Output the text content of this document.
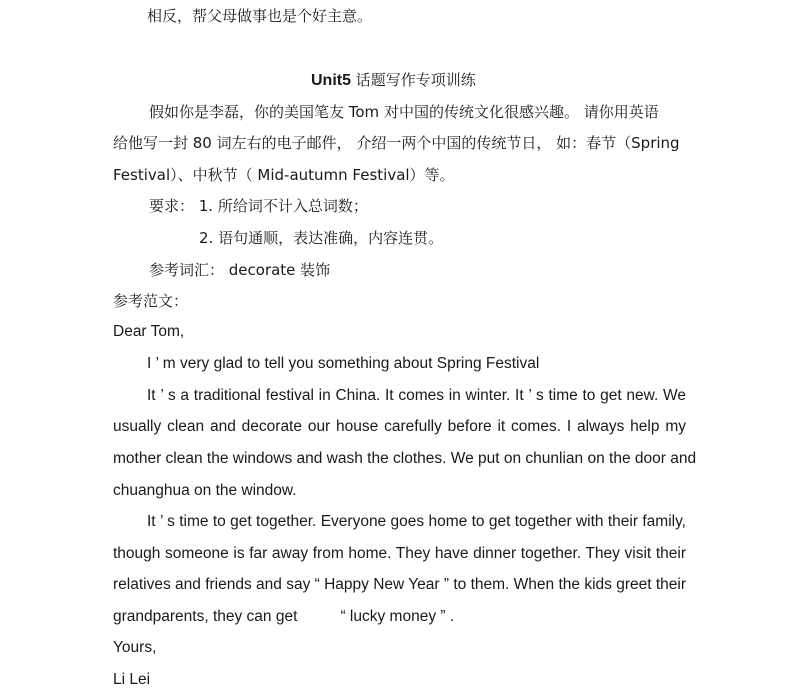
相反，帮父母做事也是个好主意。
Unit5 话题写作专项训练
假如你是李磊，你的美国笔友 Tom 对中国的传统文化很感兴趣。 请你用英语
给他写一封 80 词左右的电子邮件， 介绍一两个中国的传统节日， 如：春节（Spring
Festival）、中秋节（ Mid-autumn Festival）等。
要求： 1. 所给词不计入总词数；
2. 语句通顺，表达准确，内容连贯。
参考词汇： decorate 装饰
参考范文：
Dear Tom,
I ’ m very glad to tell you something about Spring Festival
It ’ s a traditional festival in China. It comes in winter. It ’ s time to get new. We
usually clean and decorate our house carefully before it comes. I always help my
mother clean the windows and wash the clothes. We put on chunlian on the door and
chuanghua on the window.
It ’ s time to get together. Everyone goes home to get together with their family,
though someone is far away from home. They have dinner together. They visit their
relatives and friends and say “ Happy New Year ” to them. When the kids greet their
grandparents, they can get          “ lucky money ” .
Yours,
Li Lei
